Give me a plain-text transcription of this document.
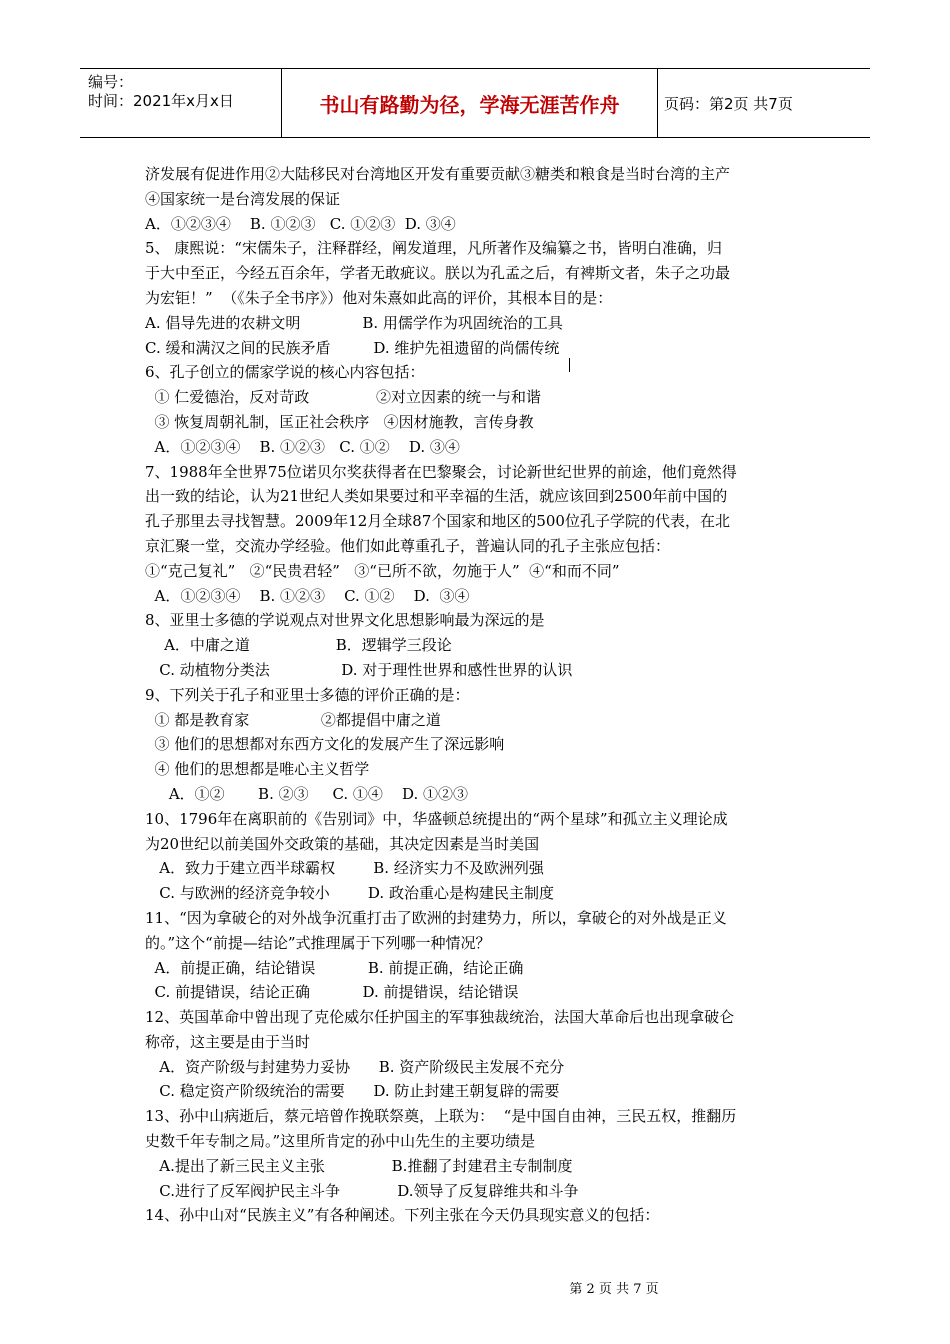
编号：
时间：2021年x月x日	书山有路勤为径，学海无涯苦作舟	页码：第2页 共7页
济发展有促进作用②大陆移民对台湾地区开发有重要贡献③糖类和粮食是当时台湾的主产
④国家统一是台湾发展的保证
A．①②③④    B. ①②③   C. ①②③  D. ③④
5、 康熙说：“宋儒朱子，注释群经，阐发道理，凡所著作及编纂之书，皆明白准确，归
于大中至正，今经五百余年，学者无敢疵议。朕以为孔孟之后，有裨斯文者，朱子之功最
为宏钜！”  （《朱子全书序》）他对朱熹如此高的评价，其根本目的是：
A. 倡导先进的农耕文明             B. 用儒学作为巩固统治的工具
C. 缓和满汉之间的民族矛盾         D. 维护先祖遗留的尚儒传统
6、孔子创立的儒家学说的核心内容包括：
① 仁爱德治，反对苛政              ②对立因素的统一与和谐
③ 恢复周朝礼制，匡正社会秩序   ④因材施教，言传身教
A．①②③④    B. ①②③   C. ①②    D. ③④
7、1988年全世界75位诺贝尔奖获得者在巴黎聚会，讨论新世纪世界的前途，他们竟然得
出一致的结论，认为21世纪人类如果要过和平幸福的生活，就应该回到2500年前中国的
孔子那里去寻找智慧。2009年12月全球87个国家和地区的500位孔子学院的代表，在北
京汇聚一堂，交流办学经验。他们如此尊重孔子，普遍认同的孔子主张应包括：
①“克己复礼”   ②“民贵君轻”   ③“已所不欲，勿施于人”  ④“和而不同”
A．①②③④    B. ①②③    C. ①②    D.  ③④
8、亚里士多德的学说观点对世界文化思想影响最为深远的是
A．中庸之道                  B．逻辑学三段论
C. 动植物分类法               D. 对于理性世界和感性世界的认识
9、下列关于孔子和亚里士多德的评价正确的是：
① 都是教育家               ②都提倡中庸之道
③ 他们的思想都对东西方文化的发展产生了深远影响
④ 他们的思想都是唯心主义哲学
A．①②       B. ②③     C. ①④    D. ①②③
10、1796年在离职前的《告别词》中，华盛顿总统提出的“两个星球”和孤立主义理论成
为20世纪以前美国外交政策的基础，其决定因素是当时美国
A．致力于建立西半球霸权        B. 经济实力不及欧洲列强
C. 与欧洲的经济竞争较小        D. 政治重心是构建民主制度
11、“因为拿破仑的对外战争沉重打击了欧洲的封建势力，所以，拿破仑的对外战是正义
的。”这个“前提—结论”式推理属于下列哪一种情况？
A．前提正确，结论错误           B. 前提正确，结论正确
C. 前提错误，结论正确           D. 前提错误，结论错误
12、英国革命中曾出现了克伦威尔任护国主的军事独裁统治，法国大革命后也出现拿破仑
称帝，这主要是由于当时
A．资产阶级与封建势力妥协      B. 资产阶级民主发展不充分
C. 稳定资产阶级统治的需要      D. 防止封建王朝复辟的需要
13、孙中山病逝后，蔡元培曾作挽联祭奠，上联为：  “是中国自由神，三民五权，推翻历
史数千年专制之局。”这里所肯定的孙中山先生的主要功绩是
A.提出了新三民主义主张              B.推翻了封建君主专制制度
C.进行了反军阀护民主斗争            D.领导了反复辟维共和斗争
14、孙中山对“民族主义”有各种阐述。下列主张在今天仍具现实意义的包括：
第 2 页 共 7 页
